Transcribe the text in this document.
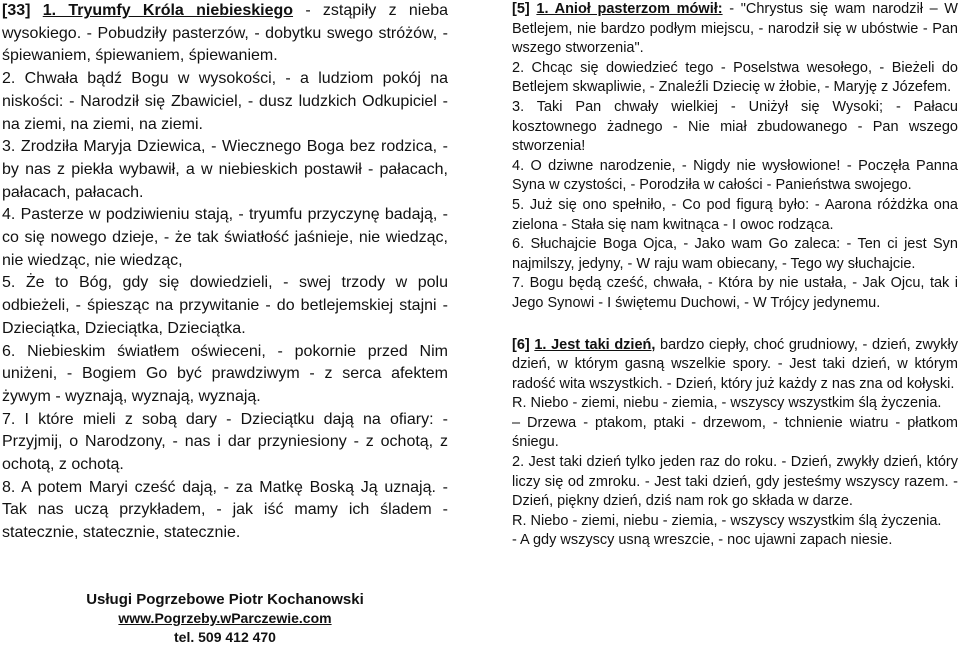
[33] 1. Tryumfy Króla niebieskiego - zstąpiły z nieba wysokiego. - Pobudziły pasterzów, - dobytku swego stróżów, - śpiewaniem, śpiewaniem, śpiewaniem.

2. Chwała bądź Bogu w wysokości, - a ludziom pokój na niskości: - Narodził się Zbawiciel, - dusz ludzkich Odkupiciel - na ziemi, na ziemi, na ziemi.

3. Zrodziła Maryja Dziewica, - Wiecznego Boga bez rodzica, - by nas z piekła wybawił, a w niebieskich postawił - pałacach, pałacach, pałacach.

4. Pasterze w podziwieniu stają, - tryumfu przyczynę badają, - co się nowego dzieje, - że tak światłość jaśnieje, nie wiedząc, nie wiedząc, nie wiedząc,

5. Że to Bóg, gdy się dowiedzieli, - swej trzody w polu odbieżeli, - śpiesząc na przywitanie - do betlejemskiej stajni - Dzieciątka, Dzieciątka, Dzieciątka.

6. Niebieskim światłem oświeceni, - pokornie przed Nim uniżeni, - Bogiem Go być prawdziwym - z serca afektem żywym - wyznają, wyznają, wyznają.

7. I które mieli z sobą dary - Dzieciątku dają na ofiary: - Przyjmij, o Narodzony, - nas i dar przyniesiony - z ochotą, z ochotą, z ochotą.

8. A potem Maryi cześć dają, - za Matkę Boską Ją uznają. - Tak nas uczą przykładem, - jak iść mamy ich śladem - statecznie, statecznie, statecznie.

Usługi Pogrzebowe Piotr Kochanowski
www.Pogrzeby.wParczewie.com
tel. 509 412 470

[5] 1. Anioł pasterzom mówił: - "Chrystus się wam narodził – W Betlejem, nie bardzo podłym miejscu, - narodził się w ubóstwie - Pan wszego stworzenia".

2. Chcąc się dowiedzieć tego - Poselstwa wesołego, - Bieżeli do Betlejem skwapliwie, - Znaleźli Dziecię w żłobie, - Maryję z Józefem.

3. Taki Pan chwały wielkiej - Uniżył się Wysoki; - Pałacu kosztownego żadnego - Nie miał zbudowanego - Pan wszego stworzenia!

4. O dziwne narodzenie, - Nigdy nie wysłowione! - Poczęła Panna Syna w czystości, - Porodziła w całości - Panieństwa swojego.

5. Już się ono spełniło, - Co pod figurą było: - Aarona różdżka ona zielona - Stała się nam kwitnąca - I owoc rodząca.

6. Słuchajcie Boga Ojca, - Jako wam Go zaleca: - Ten ci jest Syn najmilszy, jedyny, - W raju wam obiecany, - Tego wy słuchajcie.

7. Bogu będą cześć, chwała, - Która by nie ustała, - Jak Ojcu, tak i Jego Synowi - I świętemu Duchowi, - W Trójcy jedynemu.

[6] 1. Jest taki dzień, bardzo ciepły, choć grudniowy, - dzień, zwykły dzień, w którym gasną wszelkie spory. - Jest taki dzień, w którym radość wita wszystkich. - Dzień, który już każdy z nas zna od kołyski.

R. Niebo - ziemi, niebu - ziemia, - wszyscy wszystkim ślą życzenia.

– Drzewa - ptakom, ptaki - drzewom, - tchnienie wiatru - płatkom śniegu.

2. Jest taki dzień tylko jeden raz do roku. - Dzień, zwykły dzień, który liczy się od zmroku. - Jest taki dzień, gdy jesteśmy wszyscy razem. - Dzień, piękny dzień, dziś nam rok go składa w darze.

R. Niebo - ziemi, niebu - ziemia, - wszyscy wszystkim ślą życzenia.

- A gdy wszyscy usną wreszcie, - noc ujawni zapach niesie.
